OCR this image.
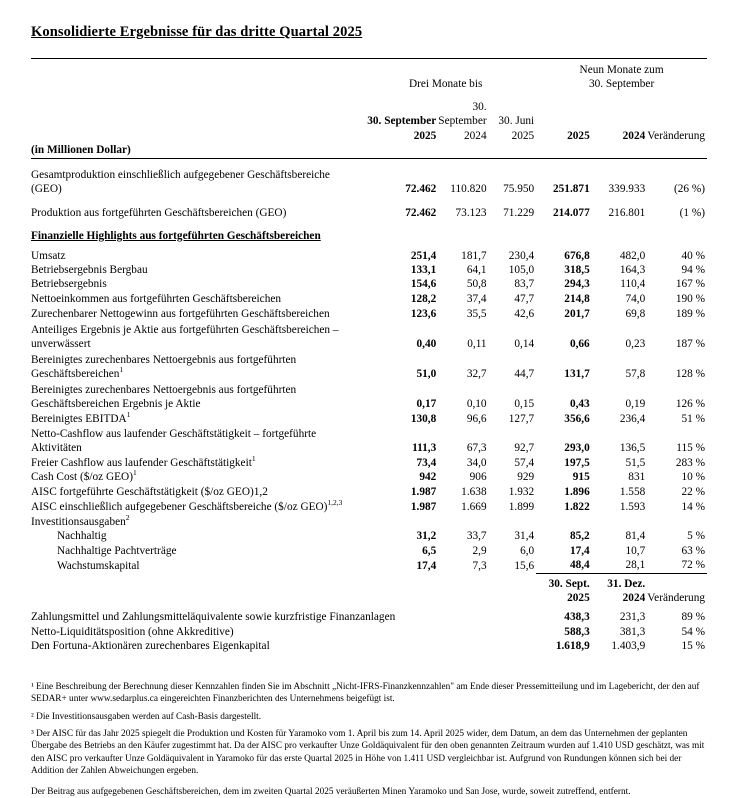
Konsolidierte Ergebnisse für das dritte Quartal 2025
	Drei Monate bis			Neun Monate zum
30. September		
	30. September 2025	30. September 2024	30. Juni 2025	2025	2024	Veränderung
(in Millionen Dollar)						

Gesamtproduktion einschließlich aufgegebener Geschäftsbereiche (GEO)	72.462	110.820	75.950	251.871	339.933	(26 %)

Produktion aus fortgeführten Geschäftsbereichen (GEO)	72.462	73.123	71.229	214.077	216.801	(1 %)

Finanzielle Highlights aus fortgeführten Geschäftsbereichen						

Umsatz	251,4	181,7	230,4	676,8	482,0	40 %
Betriebsergebnis Bergbau	133,1	64,1	105,0	318,5	164,3	94 %
Betriebsergebnis	154,6	50,8	83,7	294,3	110,4	167 %
Nettoeinkommen aus fortgeführten Geschäftsbereichen	128,2	37,4	47,7	214,8	74,0	190 %
Zurechenbarer Nettogewinn aus fortgeführten Geschäftsbereichen	123,6	35,5	42,6	201,7	69,8	189 %
Anteiliges Ergebnis je Aktie aus fortgeführten Geschäftsbereichen – unverwässert	0,40	0,11	0,14	0,66	0,23	187 %
Bereinigtes zurechenbares Nettoergebnis aus fortgeführten Geschäftsbereichen$^1$	51,0	32,7	44,7	131,7	57,8	128 %
Bereinigtes zurechenbares Nettoergebnis aus fortgeführten Geschäftsbereichen Ergebnis je Aktie	0,17	0,10	0,15	0,43	0,19	126 %
Bereinigtes EBITDA$^1$	130,8	96,6	127,7	356,6	236,4	51 %
Netto-Cashflow aus laufender Geschäftstätigkeit – fortgeführte Aktivitäten	111,3	67,3	92,7	293,0	136,5	115 %
Freier Cashflow aus laufender Geschäftstätigkeit$^1$	73,4	34,0	57,4	197,5	51,5	283 %
Cash Cost ($/oz GEO)$^1$	942	906	929	915	831	10 %
AISC fortgeführte Geschäftstätigkeit ($/oz GEO)1,2	1.987	1.638	1.932	1.896	1.558	22 %
AISC einschließlich aufgegebener Geschäftsbereiche ($/oz GEO)$^{1,2,3}$	1.987	1.669	1.899	1.822	1.593	14 %
Investitionsausgaben$^2$	
Nachhaltig	31,2	33,7	31,4	85,2	81,4	5 %
Nachhaltige Pachtverträge	6,5	2,9	6,0	17,4	10,7	63 %
Wachstumskapital	17,4	7,3	15,6	48,4	28,1	72 %
				30. Sept. 2025	31. Dez. 2024	Veränderung

Zahlungsmittel und Zahlungsmitteläquivalente sowie kurzfristige Finanzanlagen				438,3	231,3	89 %
Netto-Liquiditätsposition (ohne Akkreditive)				588,3	381,3	54 %
Den Fortuna-Aktionären zurechenbares Eigenkapital				1.618,9	1.403,9	15 %

¹ Eine Beschreibung der Berechnung dieser Kennzahlen finden Sie im Abschnitt „Nicht-IFRS-Finanzkennzahlen" am Ende dieser Pressemitteilung und im Lagebericht, der den auf SEDAR+ unter www.sedarplus.ca eingereichten Finanzberichten des Unternehmens beigefügt ist.

² Die Investitionsausgaben werden auf Cash-Basis dargestellt.

³ Der AISC für das Jahr 2025 spiegelt die Produktion und Kosten für Yaramoko vom 1. April bis zum 14. April 2025 wider, dem Datum, an dem das Unternehmen der geplanten Übergabe des Betriebs an den Käufer zugestimmt hat. Da der AISC pro verkaufter Unze Goldäquivalent für den oben genannten Zeitraum wurden auf 1.410 USD geschätzt, was mit den AISC pro verkaufter Unze Goldäquivalent in Yaramoko für das erste Quartal 2025 in Höhe von 1.411 USD vergleichbar ist. Aufgrund von Rundungen können sich bei der Addition der Zahlen Abweichungen ergeben.

Der Beitrag aus aufgegebenen Geschäftsbereichen, dem im zweiten Quartal 2025 veräußerten Minen Yaramoko und San Jose, wurde, soweit zutreffend, entfernt.
